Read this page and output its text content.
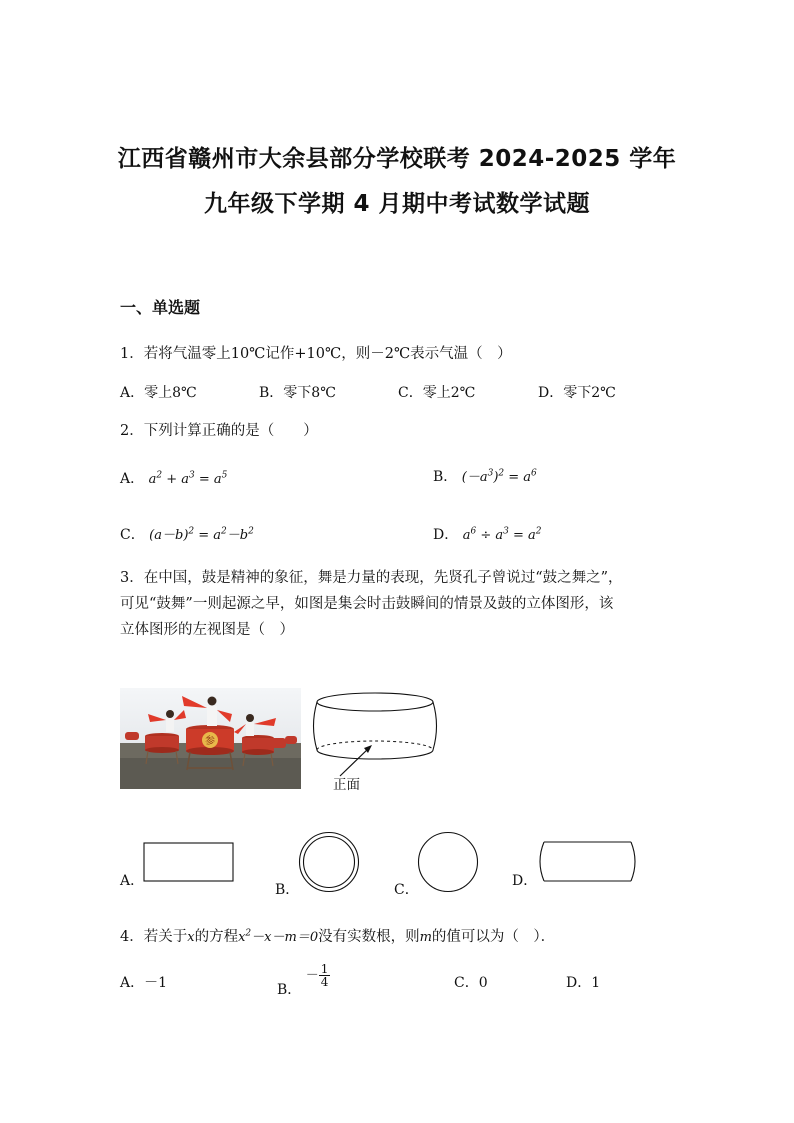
江西省赣州市大余县部分学校联考 2024-2025 学年
九年级下学期 4 月期中考试数学试题
一、单选题
1．若将气温零上10℃记作+10℃，则－2℃表示气温（　）
A．零上8℃	B．零下8℃	C．零上2℃	D．零下2℃
2．下列计算正确的是（　　）
A． $a^2 + a^3 = a^5$	B． $(-a^3)^2 = a^6$
C． $(a-b)^2 = a^2-b^2$	D． $a^6 \div a^3 = a^2$
3．在中国，鼓是精神的象征，舞是力量的表现，先贤孔子曾说过“鼓之舞之”，
可见“鼓舞”一则起源之早，如图是集会时击鼓瞬间的情景及鼓的立体图形，该
立体图形的左视图是（　）
参
正面
A．
B．	C．
D．
4．若关于x的方程$x^2-x-m=0$没有实数根，则m的值可以为（　）．
A．－1	B． － $\frac{1}{4}$	C．0	D．1
